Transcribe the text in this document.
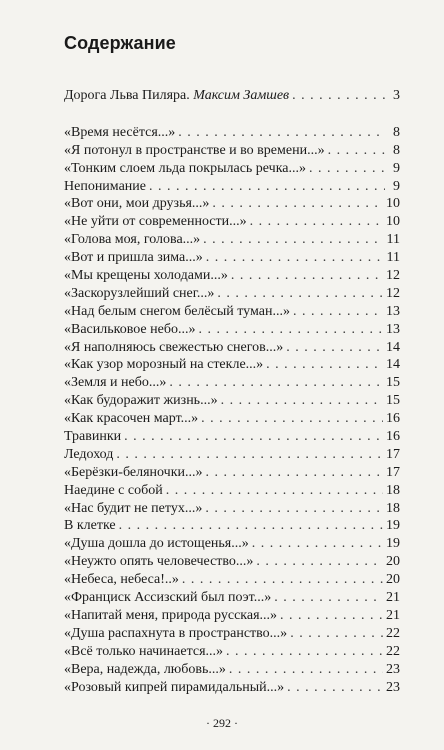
Содержание
Дорога Льва Пиляра. Максим Замшев . . .	3
«Время несётся...» . . .	8
«Я потонул в пространстве и во времени...» . . .	8
«Тонким слоем льда покрылась речка...» . . .	9
Непонимание . . .	9
«Вот они, мои друзья...» . . .	10
«Не уйти от современности...» . . .	10
«Голова моя, голова...» . . .	11
«Вот и пришла зима...» . . .	11
«Мы крещены холодами...» . . .	12
«Заскорузлейший снег...» . . .	12
«Над белым снегом белёсый туман...» . . .	13
«Васильковое небо...» . . .	13
«Я наполняюсь свежестью снегов...» . . .	14
«Как узор морозный на стекле...» . . .	14
«Земля и небо...» . . .	15
«Как будоражит жизнь...» . . .	15
«Как красочен март...» . . .	16
Травинки . . .	16
Ледоход . . .	17
«Берёзки-беляночки...» . . .	17
Наедине с собой . . .	18
«Нас будит не петух...» . . .	18
В клетке . . .	19
«Душа дошла до истощенья...» . . .	19
«Неужто опять человечество...» . . .	20
«Небеса, небеса!..» . . .	20
«Франциск Ассизский был поэт...» . . .	21
«Напитай меня, природа русская...» . . .	21
«Душа распахнута в пространство...» . . .	22
«Всё только начинается...» . . .	22
«Вера, надежда, любовь...» . . .	23
«Розовый кипрей пирамидальный...» . . .	23
· 292 ·
